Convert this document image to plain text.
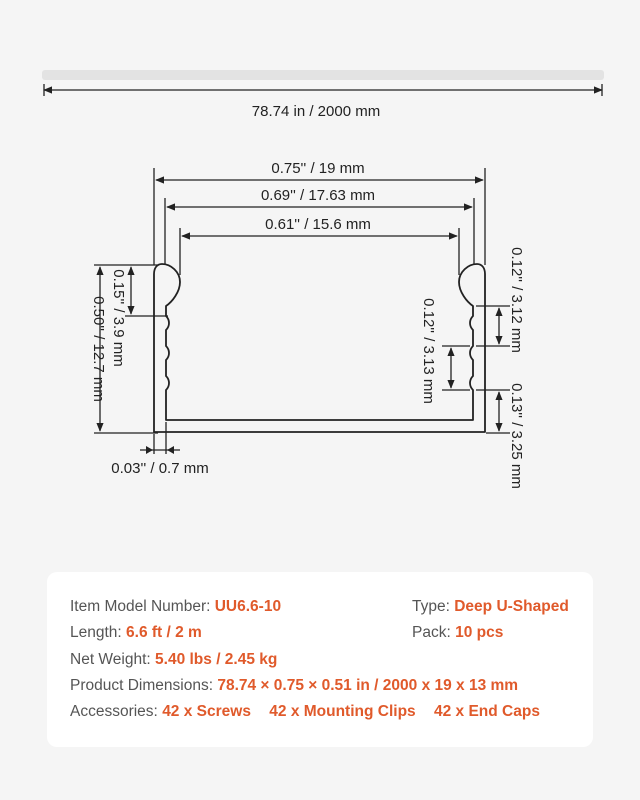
78.74 in / 2000 mm
0.75'' / 19 mm
0.69'' / 17.63 mm
0.61'' / 15.6 mm
0.50'' / 12.7 mm 0.15'' / 3.9 mm
0.03'' / 0.7 mm
0.12'' / 3.13 mm	0.12'' / 3.12 mm
0.13'' / 3.25 mm
Item Model Number: UU6.6-10	Type: Deep U-Shaped
Length: 6.6 ft / 2 m	Pack: 10 pcs
Net Weight: 5.40 lbs / 2.45 kg
Product Dimensions: 78.74 × 0.75 × 0.51 in / 2000 x 19 x 13 mm
Accessories: 42 x Screws 42 x Mounting Clips 42 x End Caps
